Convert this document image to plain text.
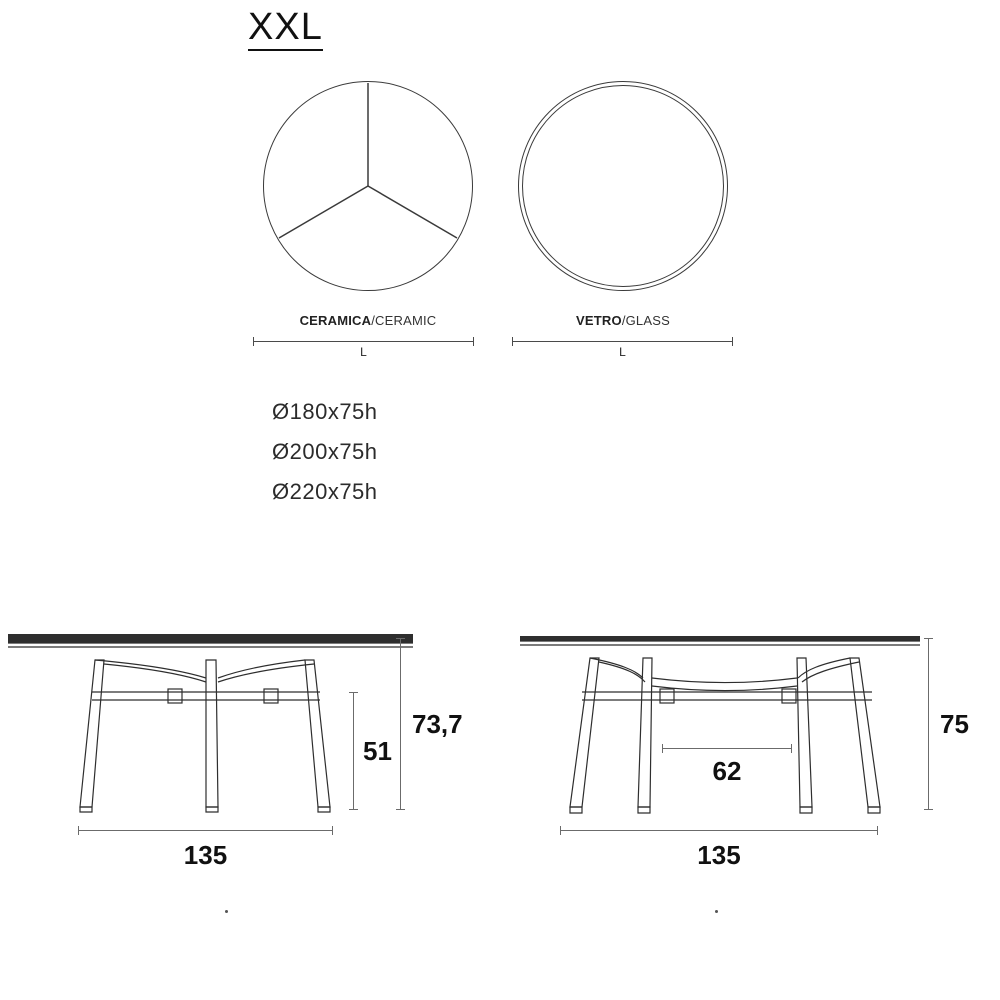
XXL
CERAMICA/CERAMIC
L
VETRO/GLASS
L
Ø180x75h
Ø200x75h
Ø220x75h
51
73,7
135
62
75
135
